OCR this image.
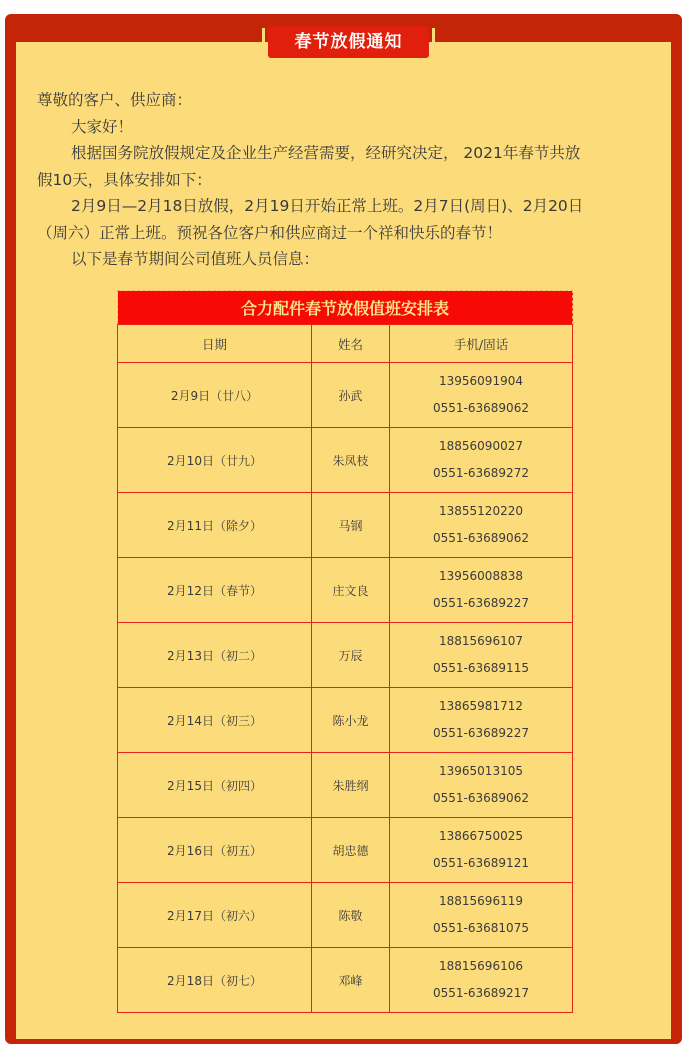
春节放假通知

尊敬的客户、供应商：

大家好！

根据国务院放假规定及企业生产经营需要，经研究决定， 2021年春节共放

假10天，具体安排如下：

2月9日—2月18日放假，2月19日开始正常上班。2月7日(周日)、2月20日

（周六）正常上班。预祝各位客户和供应商过一个祥和快乐的春节！

以下是春节期间公司值班人员信息：

合力配件春节放假值班安排表		
日期	姓名	手机/固话
2月9日（廿八）	孙武	13956091904
0551-63689062

2月10日（廿九）	朱凤枝	18856090027
0551-63689272

2月11日（除夕）	马钢	13855120220
0551-63689062

2月12日（春节）	庄文良	13956008838
0551-63689227

2月13日（初二）	万辰	18815696107
0551-63689115

2月14日（初三）	陈小龙	13865981712
0551-63689227

2月15日（初四）	朱胜纲	13965013105
0551-63689062

2月16日（初五）	胡忠德	13866750025
0551-63689121

2月17日（初六）	陈敬	18815696119
0551-63681075

2月18日（初七）	邓峰	18815696106
0551-63689217
